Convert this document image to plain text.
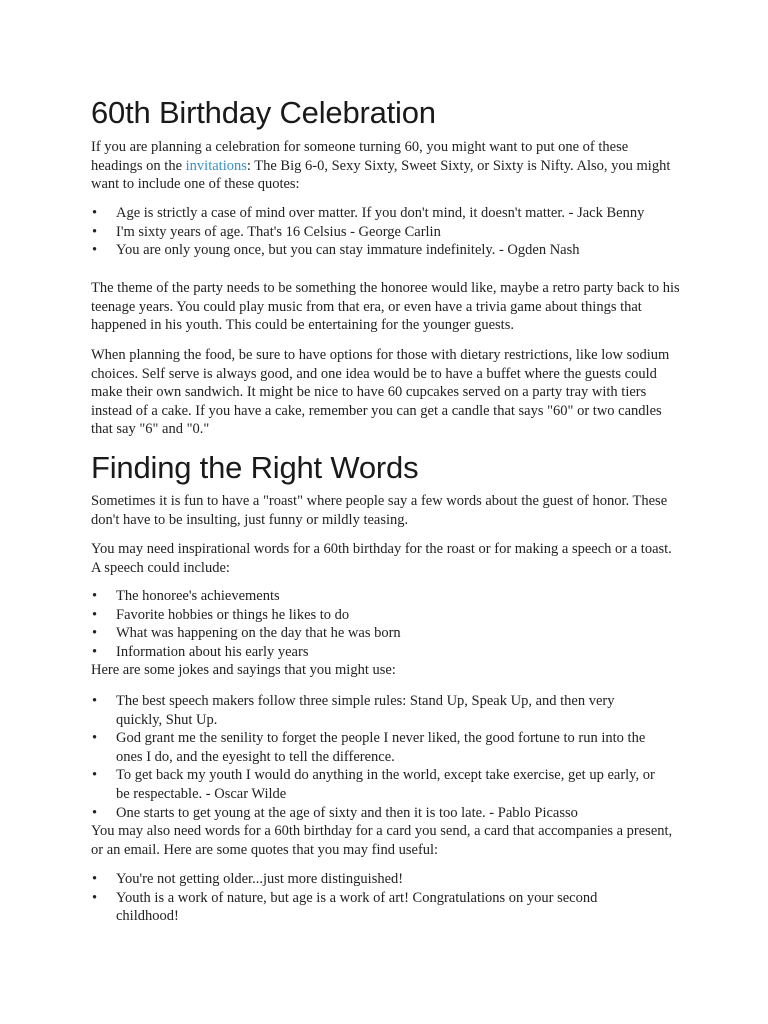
60th Birthday Celebration

If you are planning a celebration for someone turning 60, you might want to put one of these headings on the invitations: The Big 6-0, Sexy Sixty, Sweet Sixty, or Sixty is Nifty. Also, you might want to include one of these quotes:

• Age is strictly a case of mind over matter. If you don't mind, it doesn't matter. - Jack Benny
• I'm sixty years of age. That's 16 Celsius - George Carlin
• You are only young once, but you can stay immature indefinitely. - Ogden Nash

The theme of the party needs to be something the honoree would like, maybe a retro party back to his teenage years. You could play music from that era, or even have a trivia game about things that happened in his youth. This could be entertaining for the younger guests.

When planning the food, be sure to have options for those with dietary restrictions, like low sodium choices. Self serve is always good, and one idea would be to have a buffet where the guests could make their own sandwich. It might be nice to have 60 cupcakes served on a party tray with tiers instead of a cake. If you have a cake, remember you can get a candle that says "60" or two candles that say "6" and "0."

Finding the Right Words

Sometimes it is fun to have a "roast" where people say a few words about the guest of honor. These don't have to be insulting, just funny or mildly teasing.

You may need inspirational words for a 60th birthday for the roast or for making a speech or a toast. A speech could include:

• The honoree's achievements
• Favorite hobbies or things he likes to do
• What was happening on the day that he was born
• Information about his early years

Here are some jokes and sayings that you might use:

• The best speech makers follow three simple rules: Stand Up, Speak Up, and then very quickly, Shut Up.
• God grant me the senility to forget the people I never liked, the good fortune to run into the ones I do, and the eyesight to tell the difference.
• To get back my youth I would do anything in the world, except take exercise, get up early, or be respectable. - Oscar Wilde
• One starts to get young at the age of sixty and then it is too late. - Pablo Picasso

You may also need words for a 60th birthday for a card you send, a card that accompanies a present, or an email. Here are some quotes that you may find useful:

• You're not getting older...just more distinguished!
• Youth is a work of nature, but age is a work of art! Congratulations on your second childhood!
